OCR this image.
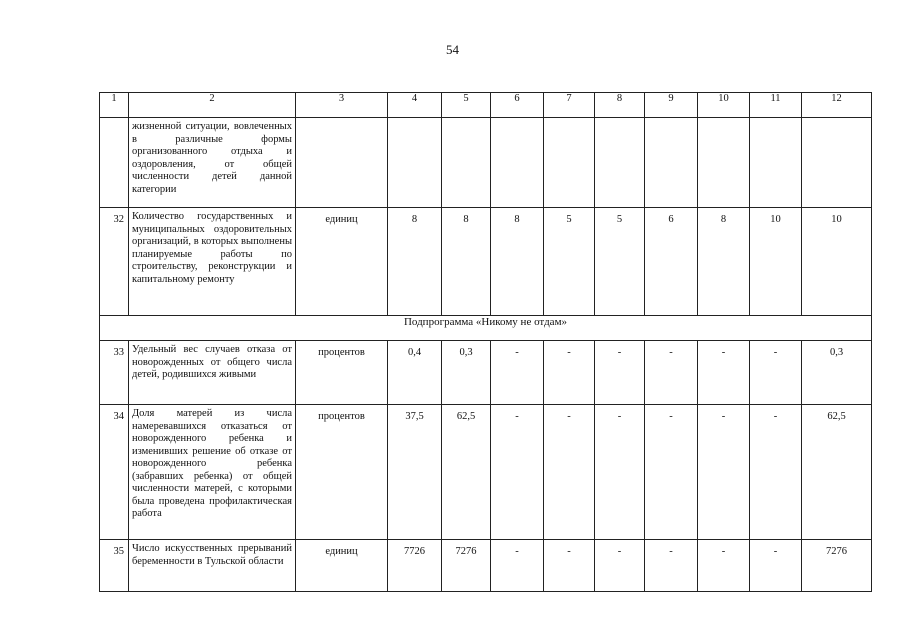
54
1	2	3	4	5	6	7	8	9	10	11	12
	жизненной ситуации, вовлеченных в различные формы организованного отдыха и оздоровления, от общей численности детей данной категории										
32	Количество государственных и муниципальных оздоровительных организаций, в которых выполнены планируемые работы по строительству, реконструкции и капитальному ремонту	единиц	8	8	8	5	5	6	8	10	10
Подпрограмма «Никому не отдам»											
33	Удельный вес случаев отказа от новорожденных от общего числа детей, родившихся живыми	процентов	0,4	0,3	-	-	-	-	-	-	0,3
34	Доля матерей из числа намеревавшихся отказаться от новорожденного ребенка и изменивших решение об отказе от новорожденного ребенка (забравших ребенка) от общей численности матерей, с которыми была проведена профилактическая работа	процентов	37,5	62,5	-	-	-	-	-	-	62,5
35	Число искусственных прерываний беременности в Тульской области	единиц	7726	7276	-	-	-	-	-	-	7276
